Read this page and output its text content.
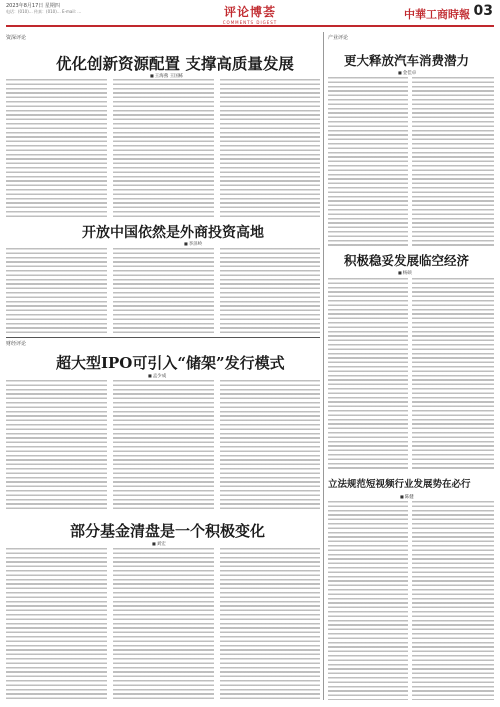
2023年8月17日 星期四
电话：(010)… 传真：(010)… E-mail: …	评论博荟
COMMENTS DIGEST
中華工商時報 03
资深评论
优化创新资源配置 支撑高质量发展
■ 王海燕 王国栋
开放中国依然是外商投资高地
■ 李泽岭
财经评论
超大型IPO可引入“储架”发行模式
■ 孟少成
部分基金清盘是一个积极变化
■ 刘宏
产业评论
更大释放汽车消费潜力
■ 金佳卓
积极稳妥发展临空经济
■ 杨硕
立法规范短视频行业发展势在必行
■ 陈健
